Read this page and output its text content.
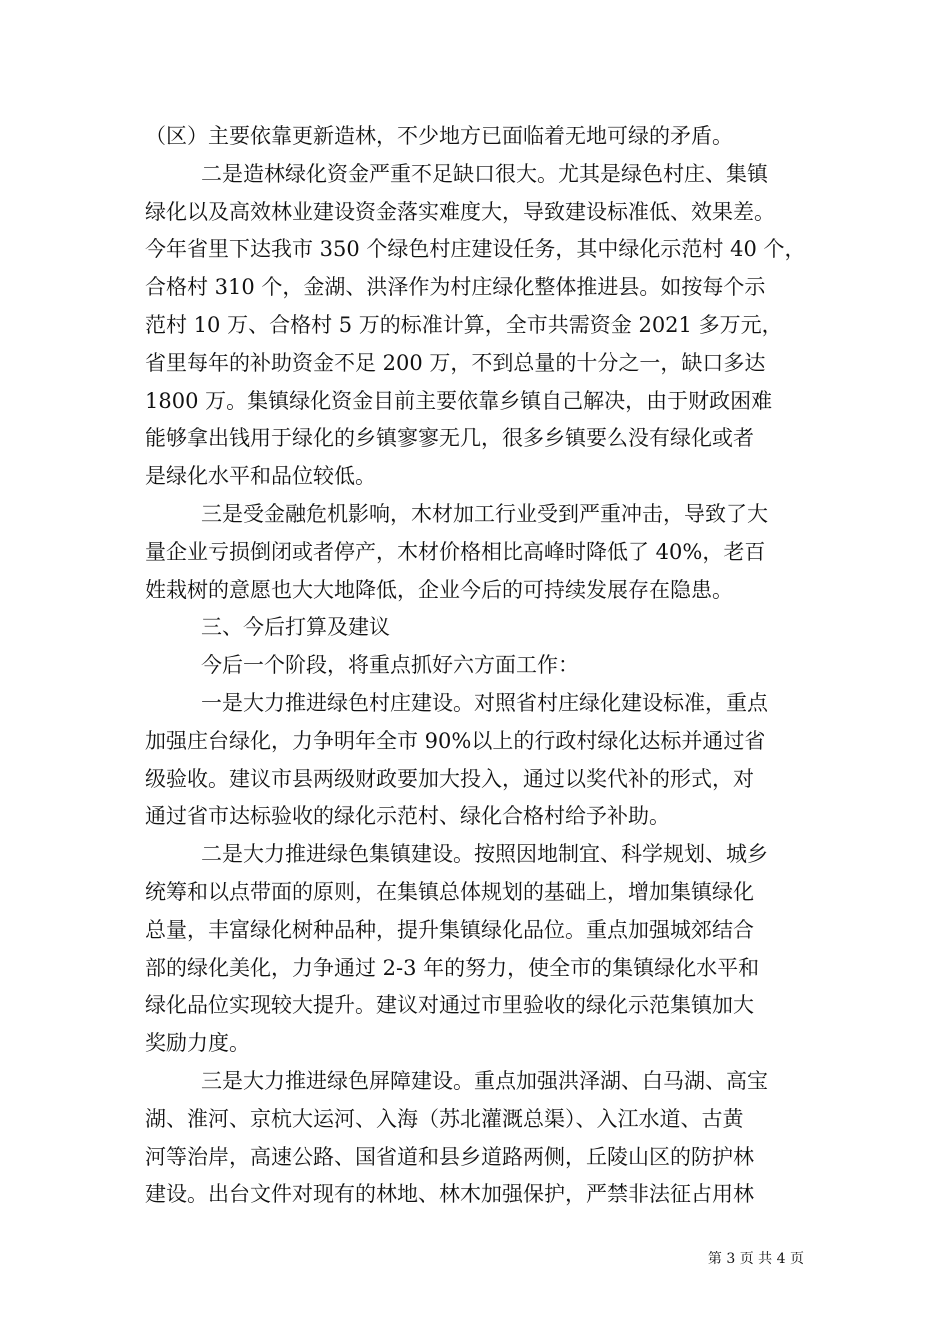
（区）主要依靠更新造林，不少地方已面临着无地可绿的矛盾。
二是造林绿化资金严重不足缺口很大。尤其是绿色村庄、集镇
绿化以及高效林业建设资金落实难度大，导致建设标准低、效果差。
今年省里下达我市 350 个绿色村庄建设任务，其中绿化示范村 40 个，
合格村 310 个，金湖、洪泽作为村庄绿化整体推进县。如按每个示
范村 10 万、合格村 5 万的标准计算，全市共需资金 2021 多万元，
省里每年的补助资金不足 200 万，不到总量的十分之一，缺口多达
1800 万。集镇绿化资金目前主要依靠乡镇自己解决，由于财政困难
能够拿出钱用于绿化的乡镇寥寥无几，很多乡镇要么没有绿化或者
是绿化水平和品位较低。
三是受金融危机影响，木材加工行业受到严重冲击，导致了大
量企业亏损倒闭或者停产，木材价格相比高峰时降低了 40%，老百
姓栽树的意愿也大大地降低，企业今后的可持续发展存在隐患。
三、今后打算及建议
今后一个阶段，将重点抓好六方面工作：
一是大力推进绿色村庄建设。对照省村庄绿化建设标准，重点
加强庄台绿化，力争明年全市 90%以上的行政村绿化达标并通过省
级验收。建议市县两级财政要加大投入，通过以奖代补的形式，对
通过省市达标验收的绿化示范村、绿化合格村给予补助。
二是大力推进绿色集镇建设。按照因地制宜、科学规划、城乡
统筹和以点带面的原则，在集镇总体规划的基础上，增加集镇绿化
总量，丰富绿化树种品种，提升集镇绿化品位。重点加强城郊结合
部的绿化美化，力争通过 2-3 年的努力，使全市的集镇绿化水平和
绿化品位实现较大提升。建议对通过市里验收的绿化示范集镇加大
奖励力度。
三是大力推进绿色屏障建设。重点加强洪泽湖、白马湖、高宝
湖、淮河、京杭大运河、入海（苏北灌溉总渠）、入江水道、古黄
河等治岸，高速公路、国省道和县乡道路两侧，丘陵山区的防护林
建设。出台文件对现有的林地、林木加强保护，严禁非法征占用林
第 3 页 共 4 页
